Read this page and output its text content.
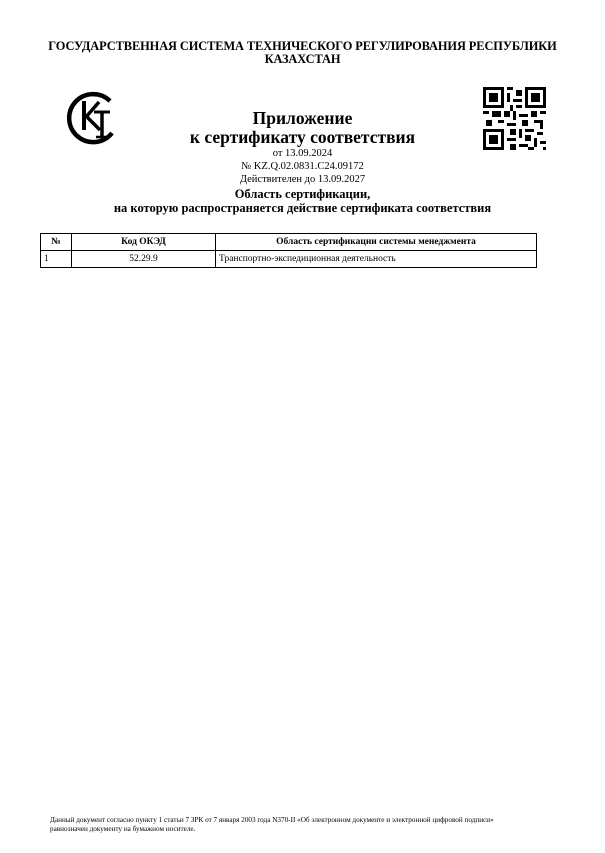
ГОСУДАРСТВЕННАЯ СИСТЕМА ТЕХНИЧЕСКОГО РЕГУЛИРОВАНИЯ РЕСПУБЛИКИ
КАЗАХСТАН
Приложение
к сертификату соответствия
от 13.09.2024
№ KZ.Q.02.0831.C24.09172
Действителен до 13.09.2027
Область сертификации,
на которую распространяется действие сертификата соответствия
№	Код ОКЭД	Область сертификации системы менеджмента
1	52.29.9	Транспортно-экспедиционная деятельность
Данный документ согласно пункту 1 статьи 7 ЗРК от 7 января 2003 года N370-II «Об электронном документе и электронной цифровой подписи»
равнозначен документу на бумажном носителе.
